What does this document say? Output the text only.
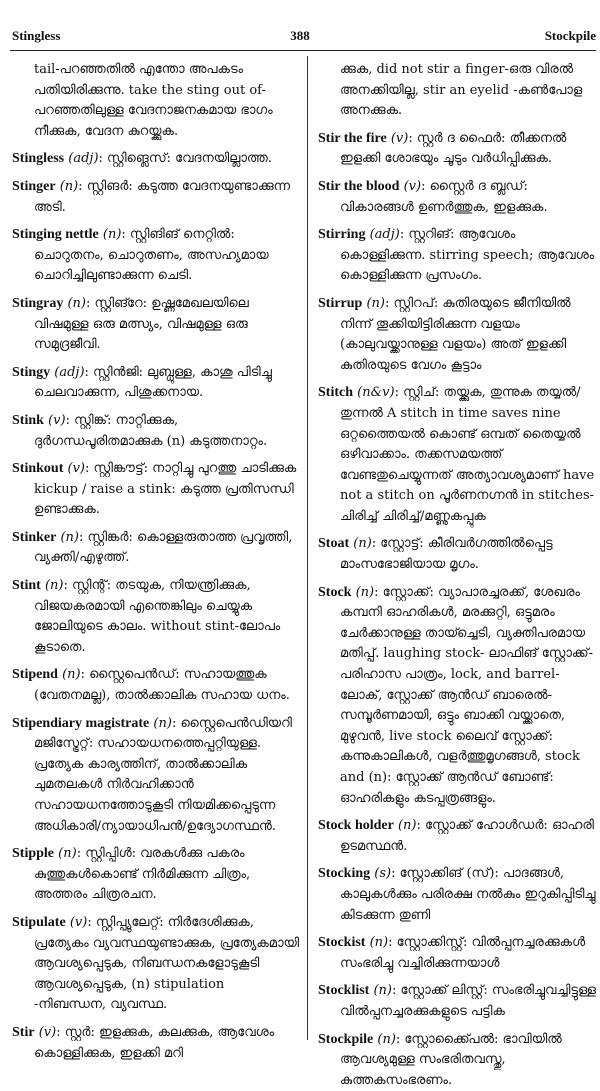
Stingless	388	Stockpile

tail-പറഞ്ഞതിൽ എന്തോ അപകടം പതിയിരിക്കുന്നു. take the sting out of-പറഞ്ഞതിലുള്ള വേദനാജനകമായ ഭാഗം നീക്കുക, വേദന കുറയ്ക്കുക.

Stingless (adj): സ്റ്റിങ്ലെസ്: വേദനയില്ലാത്ത.

Stinger (n): സ്റ്റിങർ: കടുത്ത വേദനയുണ്ടാക്കുന്ന അടി.

Stinging nettle (n): സ്റ്റിങിങ് നെറ്റിൽ: ചൊറുതനം, ചൊറുതണം, അസഹ്യമായ ചൊറിച്ചിലുണ്ടാക്കുന്ന ചെടി.

Stingray (n): സ്റ്റിങ്റേ: ഉഷ്ണമേഖലയിലെ വിഷമുള്ള ഒരു മത്സ്യം, വിഷമുള്ള ഒരു സമുദ്രജീവി.

Stingy (adj): സ്റ്റിൻജി: ലുബ്ധുള്ള, കാശു പിടിച്ചു ചെലവാക്കുന്ന, പിശുക്കനായ.

Stink (v): സ്റ്റിങ്ക്: നാറ്റിക്കുക, ദുർഗന്ധപൂരിതമാക്കുക (n) കടുത്തനാറ്റം.

Stinkout (v): സ്റ്റിങ്കൗട്ട്: നാറ്റിച്ചു പുറത്തു ചാടിക്കുക kickup / raise a stink: കടുത്ത പ്രതിസന്ധി ഉണ്ടാക്കുക.

Stinker (n): സ്റ്റിങ്കർ: കൊള്ളരുതാത്ത പ്രവൃത്തി, വ്യക്തി/എഴുത്ത്.

Stint (n): സ്റ്റിന്റ്: തടയുക, നിയന്ത്രിക്കുക, വിജയകരമായി എന്തെങ്കിലും ചെയ്യുക ജോലിയുടെ കാലം. without stint-ലോപം കൂടാതെ.

Stipend (n): സ്റ്റൈപെൻഡ്: സഹായത്തുക (വേതനമല്ല), താൽക്കാലിക സഹായ ധനം.

Stipendiary magistrate (n): സ്റ്റൈപെൻഡിയറി മജിസ്ട്രേറ്റ്: സഹായധനത്തെപ്പറ്റിയുള്ള. പ്രത്യേക കാര്യത്തിന്, താൽക്കാലിക ചുമതലകൾ നിർവഹിക്കാൻ സഹായധനത്തോടുകൂടി നിയമിക്കപ്പെടുന്ന അധികാരി/ന്യായാധിപൻ/ഉദ്യോഗസ്ഥൻ.

Stipple (n): സ്റ്റിപ്പിൾ: വരകൾക്കു പകരം കുത്തുകൾകൊണ്ട് നിർമിക്കുന്ന ചിത്രം, അത്തരം ചിത്രരചന.

Stipulate (v): സ്റ്റിപ്പ്യുലേറ്റ്: നിർദേശിക്കുക, പ്രത്യേകം വ്യവസ്ഥയുണ്ടാക്കുക, പ്രത്യേകമായി ആവശ്യപ്പെടുക, നിബന്ധനകളോടുകൂടി ആവശ്യപ്പെടുക, (n) stipulation -നിബന്ധന, വ്യവസ്ഥ.

Stir (v): സ്റ്റർ: ഇളക്കുക, കലക്കുക, ആവേശം കൊള്ളിക്കുക, ഇളക്കി മറി

ക്കുക, did not stir a finger-ഒരു വിരൽ അനക്കിയില്ല, stir an eyelid -കൺപോള അനക്കുക.

Stir the fire (v): സ്റ്റർ ദ ഫൈർ: തീക്കനൽ ഇളക്കി ശോഭയും ചൂടും വർധിപ്പിക്കുക.

Stir the blood (v): സ്റ്റൈർ ദ ബ്ലഡ്: വികാരങ്ങൾ ഉണർത്തുക, ഇളക്കുക.

Stirring (adj): സ്റ്ററിങ്: ആവേശം കൊള്ളിക്കുന്ന. stirring speech; ആവേശം കൊള്ളിക്കുന്ന പ്രസംഗം.

Stirrup (n): സ്റ്റിറപ്: കുതിരയുടെ ജീനിയിൽ നിന്ന് തൂക്കിയിട്ടിരിക്കുന്ന വളയം (കാലുവയ്ക്കാനുള്ള വളയം) അത് ഇളക്കി കുതിരയുടെ വേഗം കൂട്ടാം

Stitch (n&v): സ്റ്റിച്: തയ്ക്കുക, തുന്നുക തയ്യൽ/തുന്നൽ A stitch in time saves nine ഒറ്റത്തൈയൽ കൊണ്ട് ഒമ്പത് തൈയ്യൽ ഒഴിവാക്കാം. തക്കസമയത്ത് വേണ്ടതുചെയ്യുന്നത് അത്യാവശ്യമാണ് have not a stitch on പൂർണനഗ്നൻ in stitches-ചിരിച്ച് ചിരിച്ച്/മണ്ണുകപ്പുക

Stoat (n): സ്റ്റോട്ട്: കീരിവർഗത്തിൽപ്പെട്ട മാംസഭോജിയായ മൃഗം.

Stock (n): സ്റ്റോക്ക്: വ്യാപാരച്ചരക്ക്, ശേഖരം കമ്പനി ഓഹരികൾ, മരക്കുറ്റി, ഒട്ടുമരം ചേർക്കാനുള്ള തായ്ച്ചെടി, വ്യക്തിപരമായ മതിപ്പ്. laughing stock- ലാഫിങ് സ്റ്റോക്ക്-പരിഹാസ പാത്രം, lock, and barrel-ലോക്, സ്റ്റോക്ക് ആൻഡ് ബാരെൽ- സമ്പൂർണമായി, ഒട്ടും ബാക്കി വയ്ക്കാതെ, മുഴുവൻ, live stock ലൈവ് സ്റ്റോക്ക്: കന്നുകാലികൾ, വളർത്തുമൃഗങ്ങൾ, stock and (n): സ്റ്റോക്ക് ആൻഡ് ബോണ്ട്: ഓഹരികളും കടപ്പത്രങ്ങളും.

Stock holder (n): സ്റ്റോക്ക് ഹോൾഡർ: ഓഹരി ഉടമസ്ഥൻ.

Stocking (s): സ്റ്റോക്കിങ് (സ്): പാദങ്ങൾ, കാലുകൾക്കും പരിരക്ഷ നൽകും ഇറുകിപ്പിടിച്ചു കിടക്കുന്ന തുണി

Stockist (n): സ്റ്റോക്കിസ്റ്റ്: വിൽപ്പനച്ചരക്കുകൾ സംഭരിച്ചു വച്ചിരിക്കുന്നയാൾ

Stocklist (n): സ്റ്റോക്ക് ലിസ്റ്റ്: സംഭരിച്ചുവച്ചിട്ടുള്ള വിൽപ്പനച്ചരക്കുകളുടെ പട്ടിക

Stockpile (n): സ്റ്റോക്ക്പൈൽ: ഭാവിയിൽ ആവശ്യമുള്ള സംഭരിതവസ്തു, കുത്തകസംഭരണം.
